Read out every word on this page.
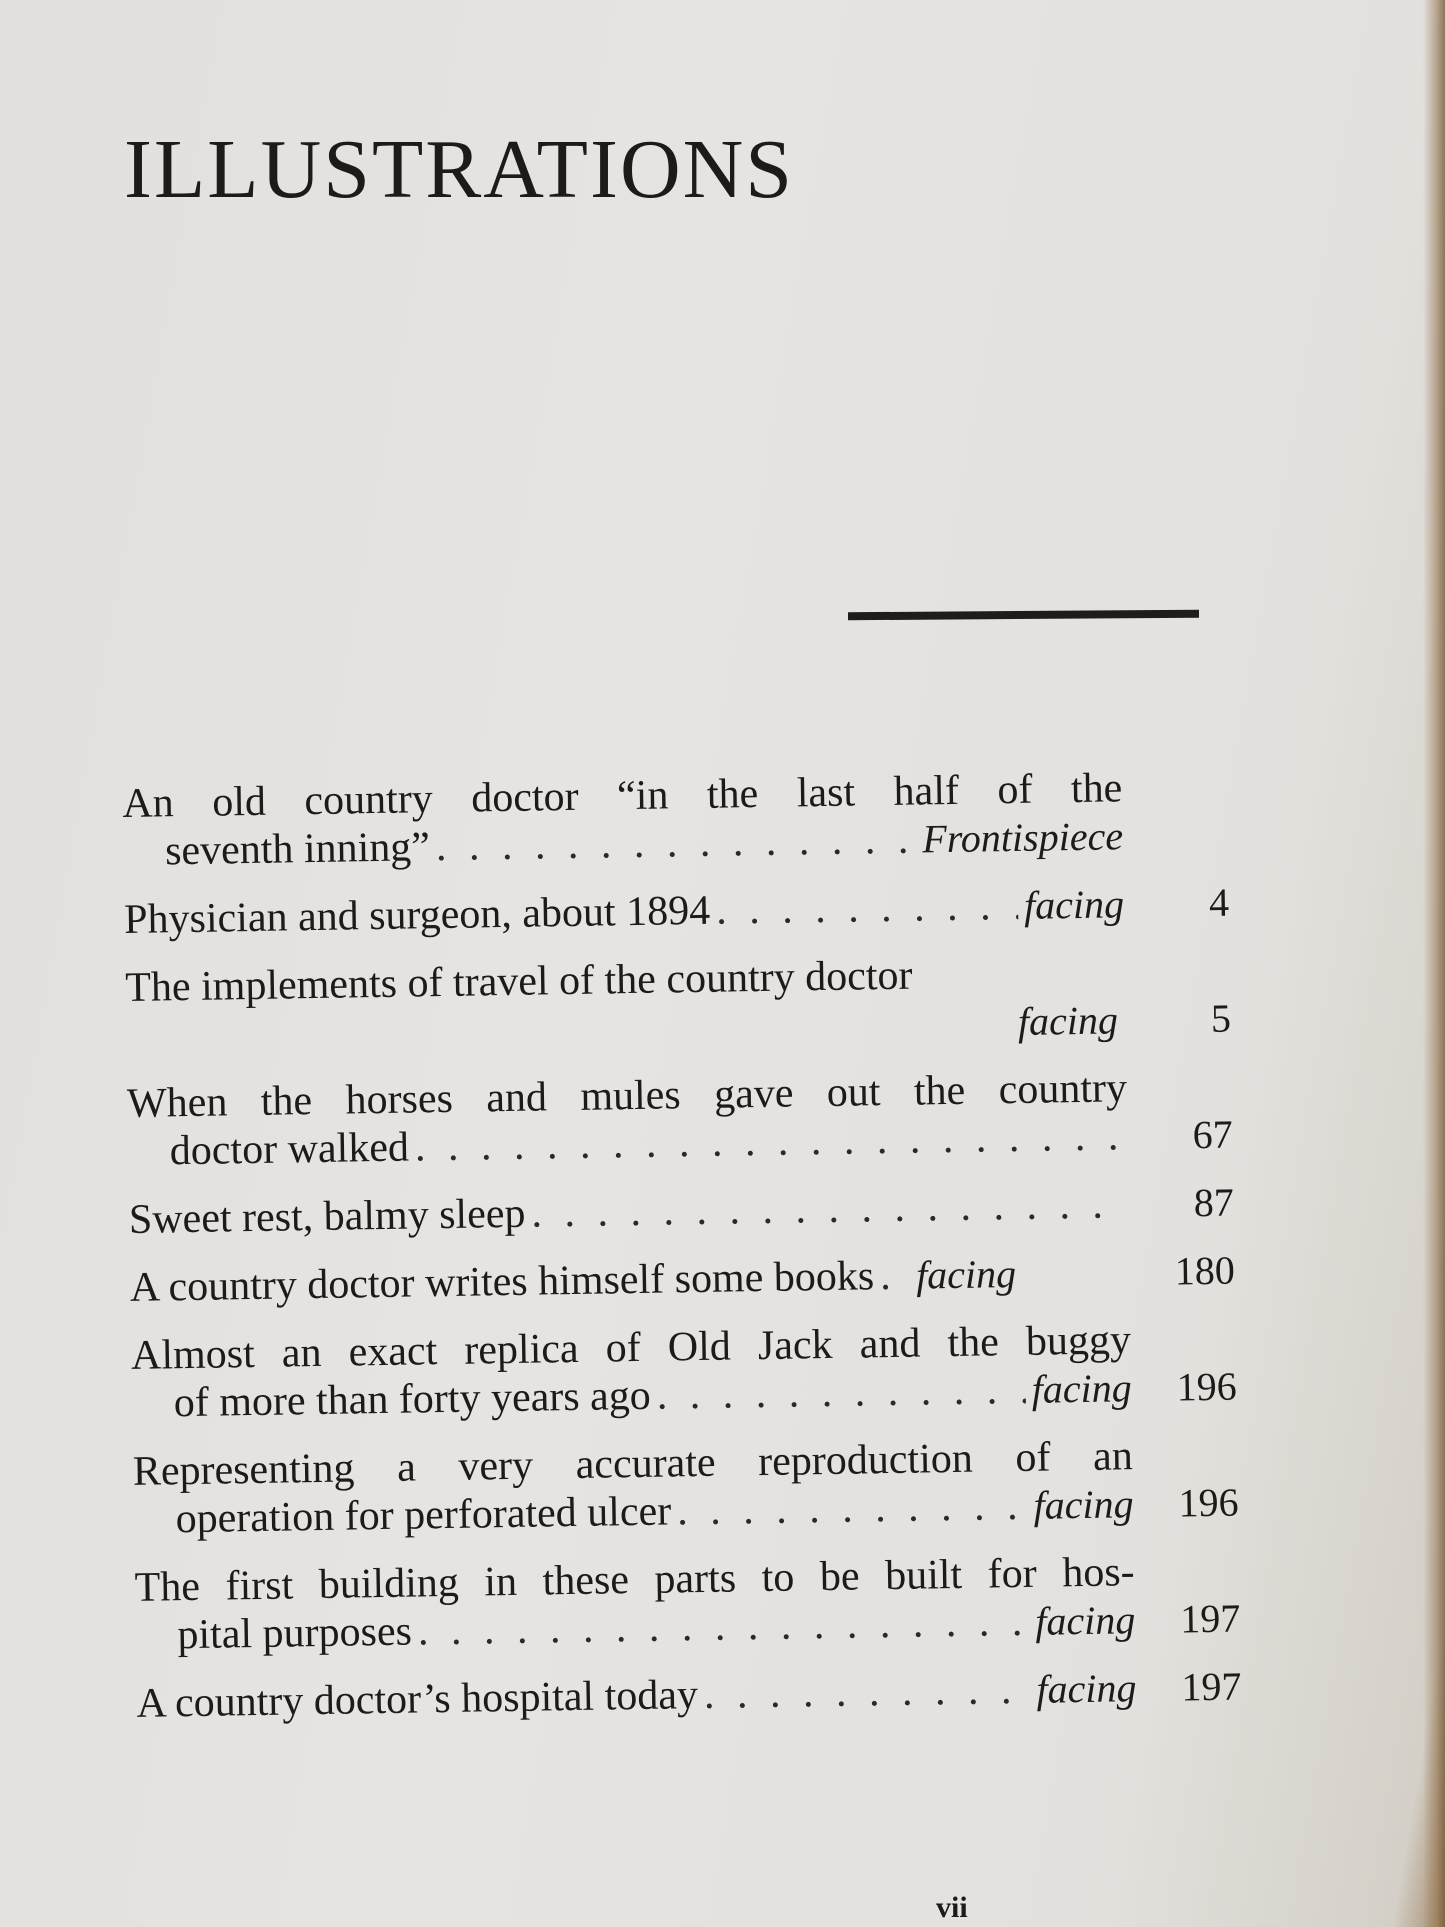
ILLUSTRATIONS
An old country doctor “in the last half of the
seventh inning” . . .	Frontispiece
Physician and surgeon, about 1894 . . .	facing	4
The implements of travel of the country doctor
facing	5
When the horses and mules gave out the country
doctor walked . . .	67
Sweet rest, balmy sleep . . .	87
A country doctor writes himself some books . . . facing	180
Almost an exact replica of Old Jack and the buggy
of more than forty years ago . . .	facing	196
Representing a very accurate reproduction of an
operation for perforated ulcer . . .	facing	196
The first building in these parts to be built for hos-
pital purposes . . .	facing	197
A country doctor’s hospital today . . .	facing	197
vii
